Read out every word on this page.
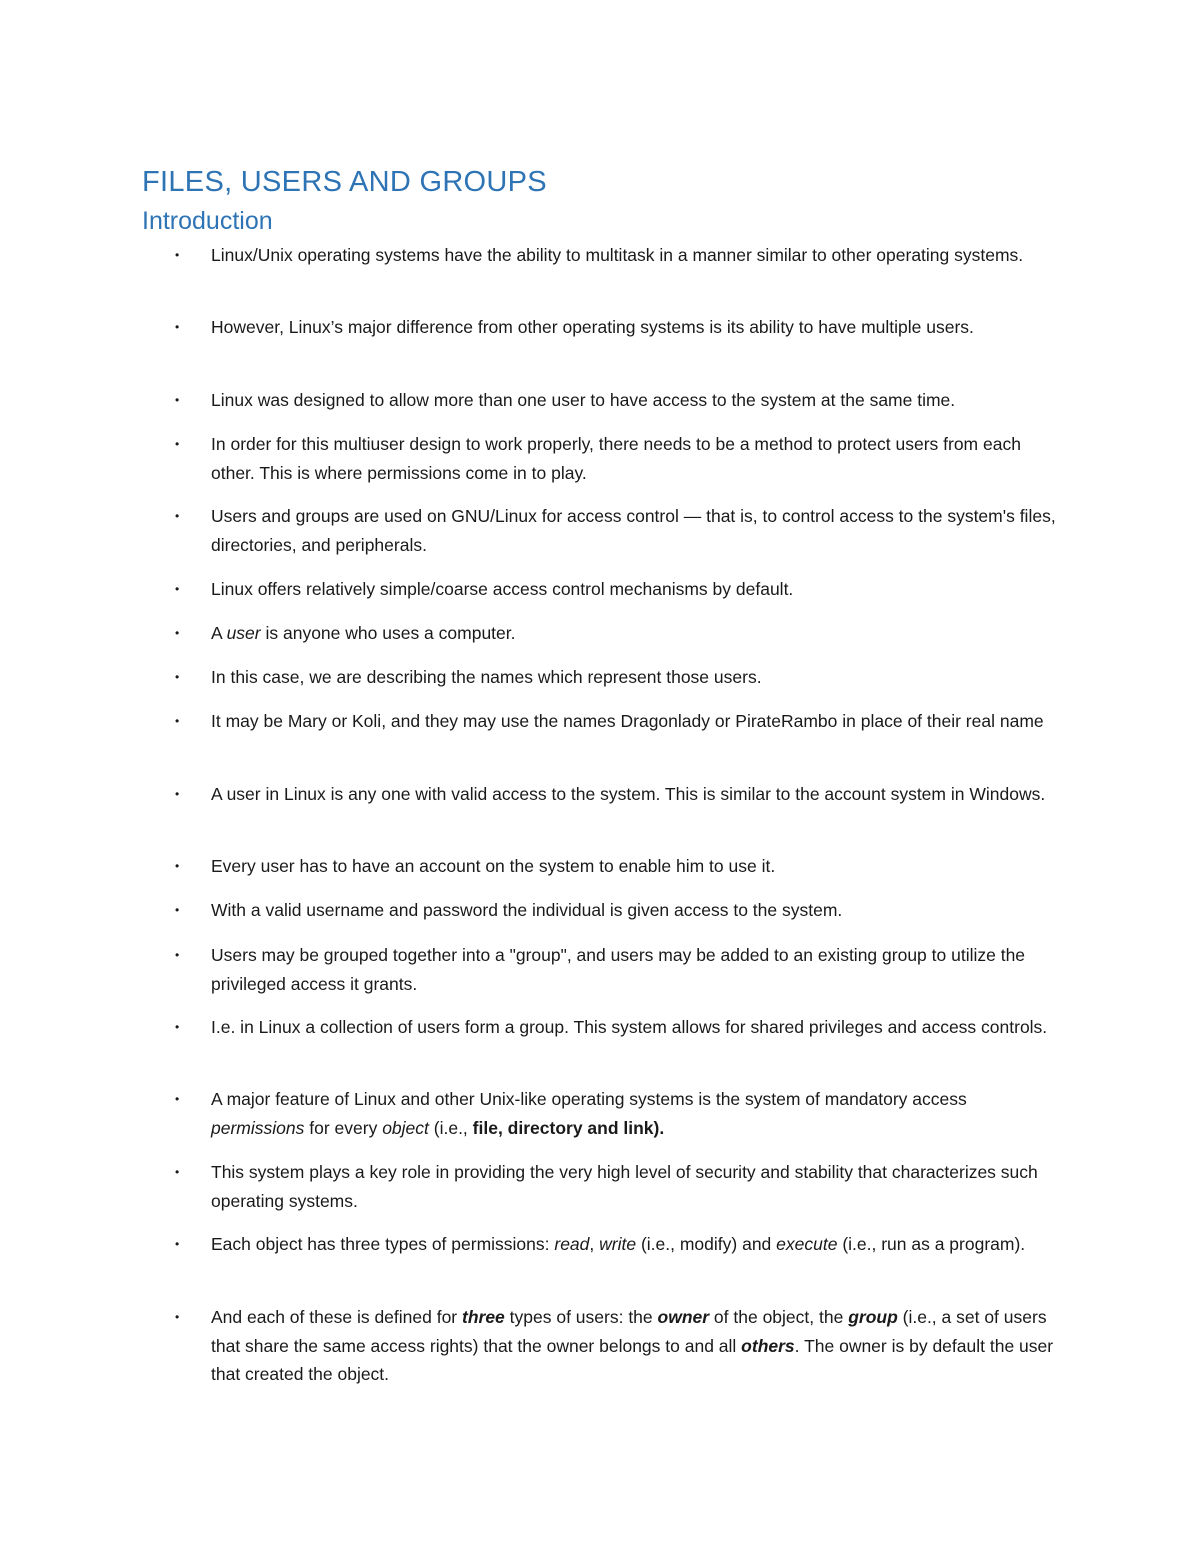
FILES, USERS AND GROUPS
Introduction
• Linux/Unix operating systems have the ability to multitask in a manner similar to other operating systems.

• However, Linux’s major difference from other operating systems is its ability to have multiple users.

• Linux was designed to allow more than one user to have access to the system at the same time.

• In order for this multiuser design to work properly, there needs to be a method to protect users from each other. This is where permissions come in to play.

• Users and groups are used on GNU/Linux for access control — that is, to control access to the system's files, directories, and peripherals.

• Linux offers relatively simple/coarse access control mechanisms by default.

• A user is anyone who uses a computer.

• In this case, we are describing the names which represent those users.

• It may be Mary or Koli, and they may use the names Dragonlady or PirateRambo in place of their real name

• A user in Linux is any one with valid access to the system. This is similar to the account system in Windows.

• Every user has to have an account on the system to enable him to use it.

• With a valid username and password the individual is given access to the system.

• Users may be grouped together into a "group", and users may be added to an existing group to utilize the privileged access it grants.

• I.e. in Linux a collection of users form a group. This system allows for shared privileges and access controls.

• A major feature of Linux and other Unix-like operating systems is the system of mandatory access permissions for every object (i.e., file, directory and link).

• This system plays a key role in providing the very high level of security and stability that characterizes such operating systems.

• Each object has three types of permissions: read, write (i.e., modify) and execute (i.e., run as a program).

• And each of these is defined for three types of users: the owner of the object, the group (i.e., a set of users that share the same access rights) that the owner belongs to and all others. The owner is by default the user that created the object.
